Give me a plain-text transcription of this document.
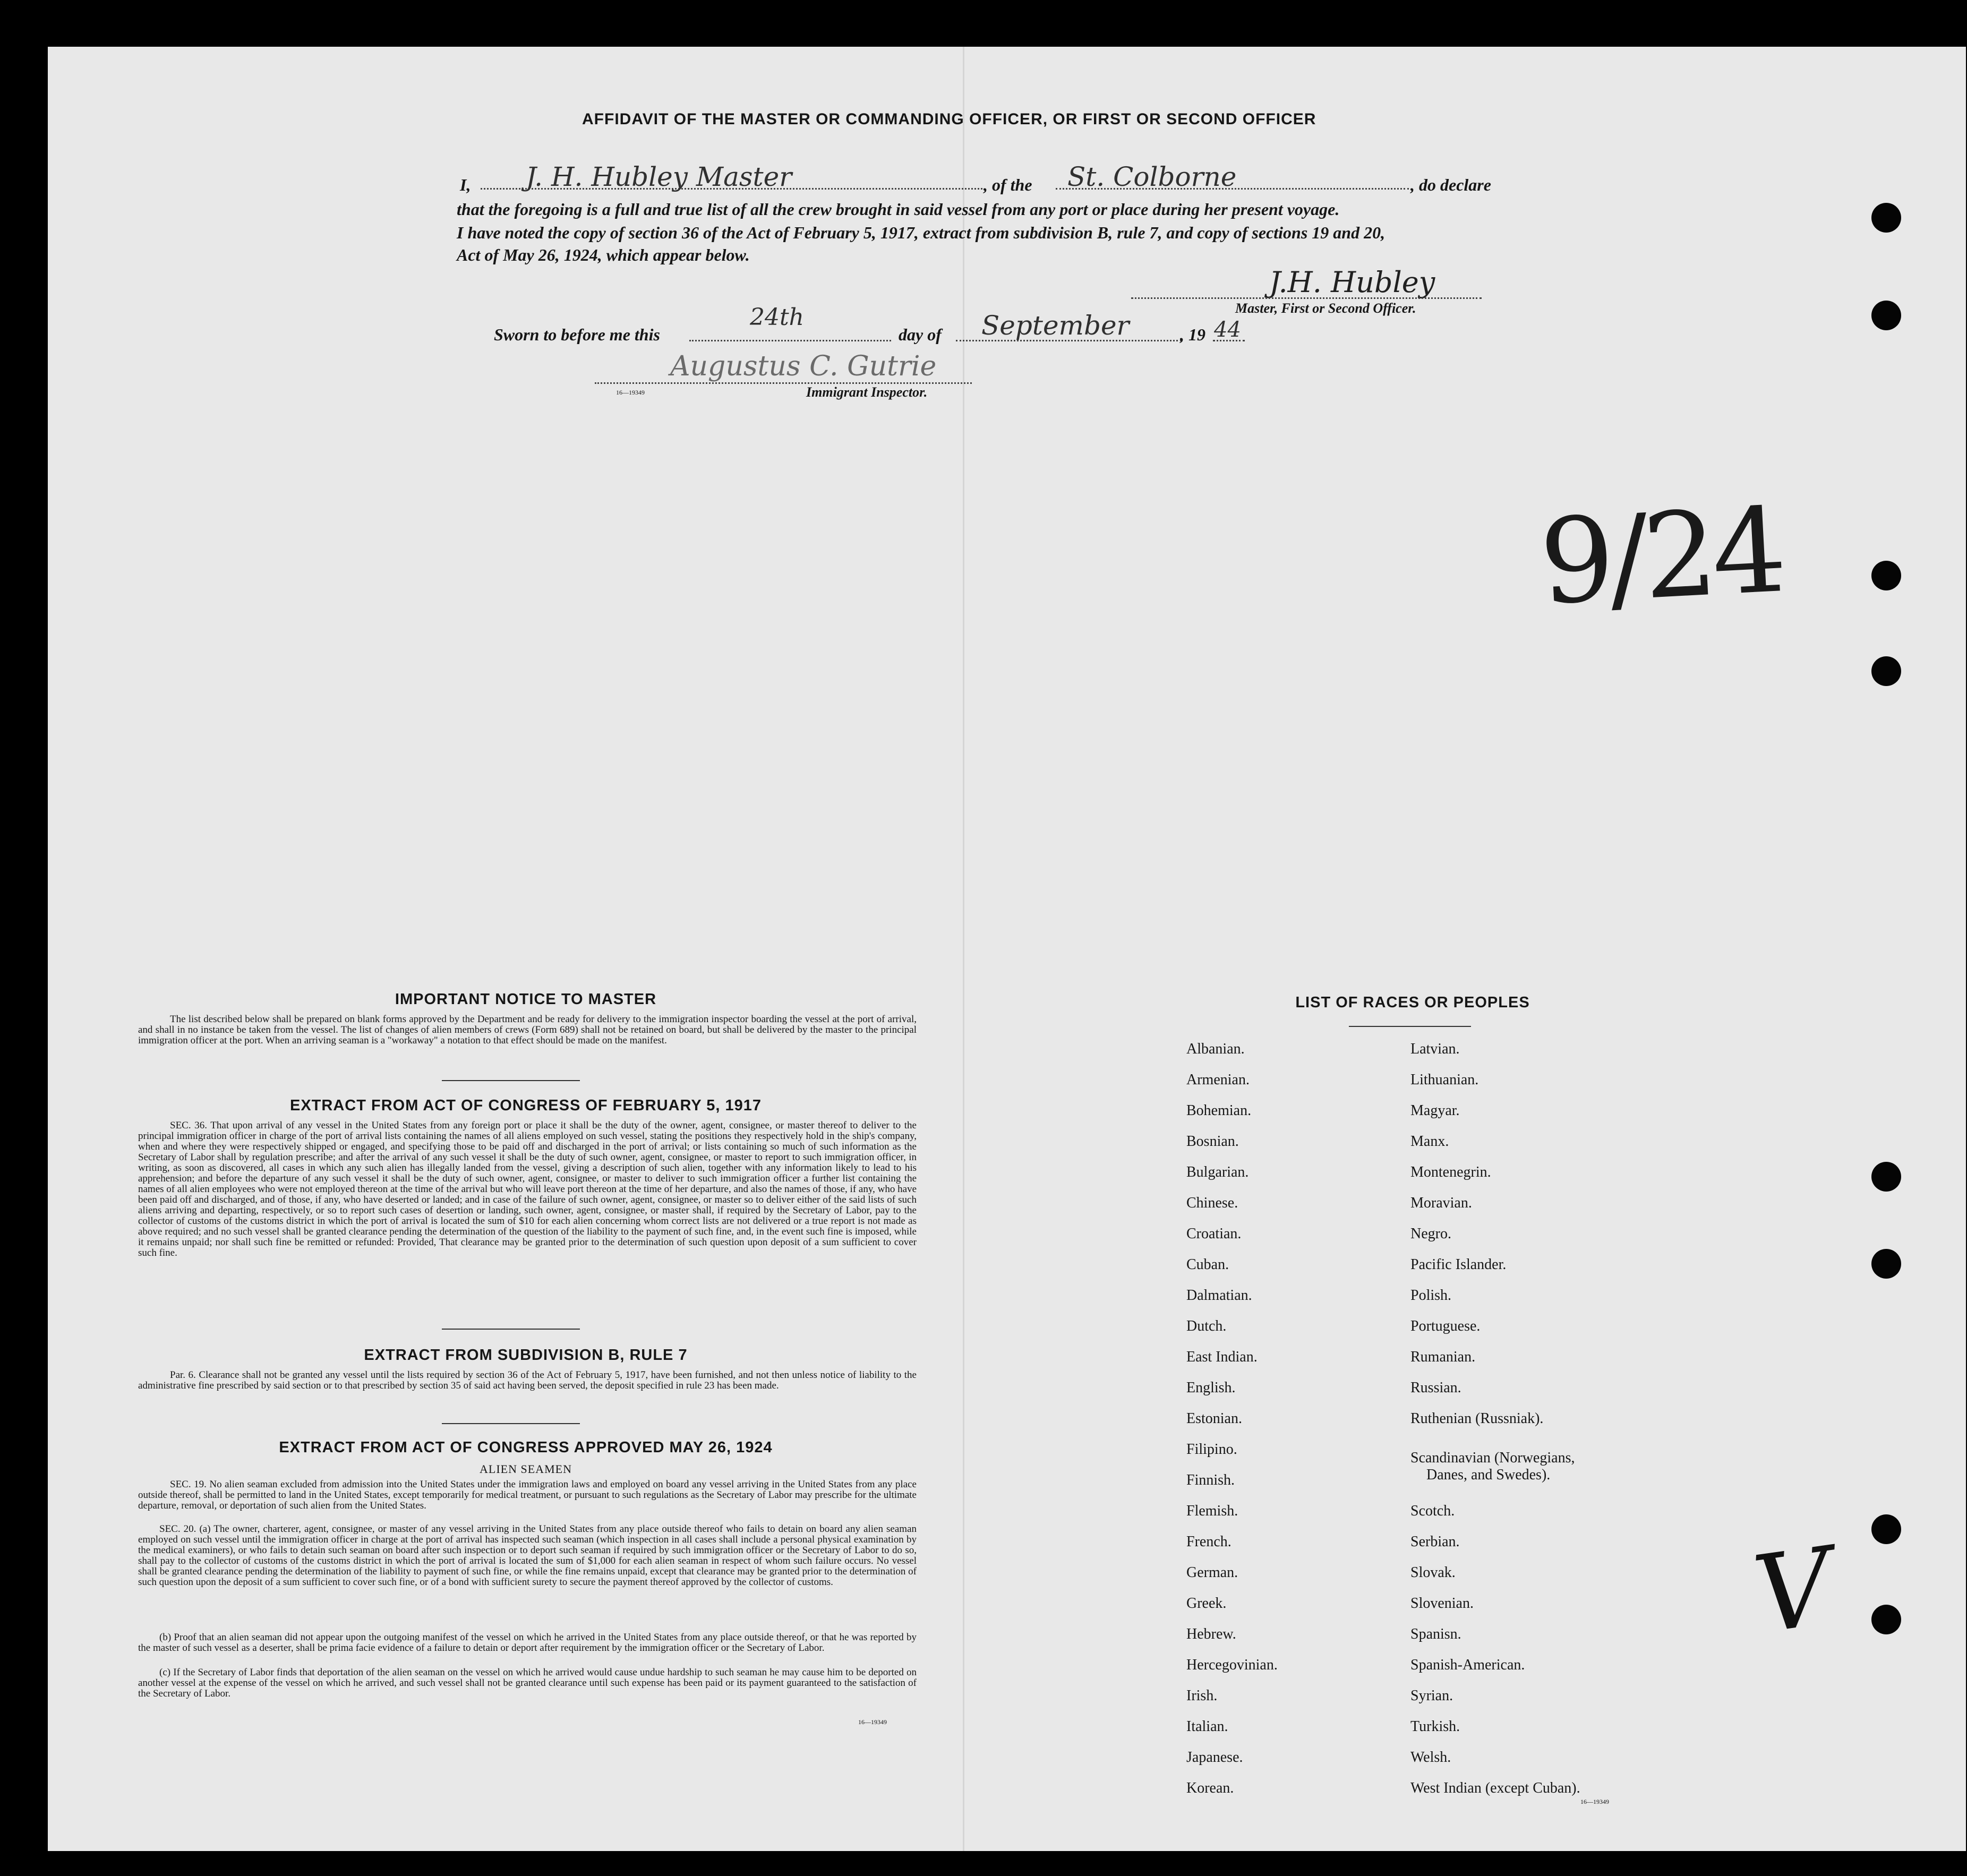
AFFIDAVIT OF THE MASTER OR COMMANDING OFFICER, OR FIRST OR SECOND OFFICER
I, J. H. Hubley Master	, of the St. Colborne	, do declare
that the foregoing is a full and true list of all the crew brought in said vessel from any port or place during her present voyage.
I have noted the copy of section 36 of the Act of February 5, 1917, extract from subdivision B, rule 7, and copy of sections 19 and 20,
Act of May 26, 1924, which appear below.
J.H. Hubley
Master, First or Second Officer.
Sworn to before me this
24th
day of September	, 19 44
Augustus C. Gutrie
16—19349	Immigrant Inspector.
9/24
V
IMPORTANT NOTICE TO MASTER
The list described below shall be prepared on blank forms approved by the Department and be ready for delivery to the immigration inspector boarding the vessel at the port of arrival, and shall in no instance be taken from the vessel. The list of changes of alien members of crews (Form 689) shall not be retained on board, but shall be delivered by the master to the principal immigration officer at the port. When an arriving seaman is a "workaway" a notation to that effect should be made on the manifest.
EXTRACT FROM ACT OF CONGRESS OF FEBRUARY 5, 1917
SEC. 36. That upon arrival of any vessel in the United States from any foreign port or place it shall be the duty of the owner, agent, consignee, or master thereof to deliver to the principal immigration officer in charge of the port of arrival lists containing the names of all aliens employed on such vessel, stating the positions they respectively hold in the ship's company, when and where they were respectively shipped or engaged, and specifying those to be paid off and discharged in the port of arrival; or lists containing so much of such information as the Secretary of Labor shall by regulation prescribe; and after the arrival of any such vessel it shall be the duty of such owner, agent, consignee, or master to report to such immigration officer, in writing, as soon as discovered, all cases in which any such alien has illegally landed from the vessel, giving a description of such alien, together with any information likely to lead to his apprehension; and before the departure of any such vessel it shall be the duty of such owner, agent, consignee, or master to deliver to such immigration officer a further list containing the names of all alien employees who were not employed thereon at the time of the arrival but who will leave port thereon at the time of her departure, and also the names of those, if any, who have been paid off and discharged, and of those, if any, who have deserted or landed; and in case of the failure of such owner, agent, consignee, or master so to deliver either of the said lists of such aliens arriving and departing, respectively, or so to report such cases of desertion or landing, such owner, agent, consignee, or master shall, if required by the Secretary of Labor, pay to the collector of customs of the customs district in which the port of arrival is located the sum of $10 for each alien concerning whom correct lists are not delivered or a true report is not made as above required; and no such vessel shall be granted clearance pending the determination of the question of the liability to the payment of such fine, and, in the event such fine is imposed, while it remains unpaid; nor shall such fine be remitted or refunded: Provided, That clearance may be granted prior to the determination of such question upon deposit of a sum sufficient to cover such fine.
EXTRACT FROM SUBDIVISION B, RULE 7
Par. 6. Clearance shall not be granted any vessel until the lists required by section 36 of the Act of February 5, 1917, have been furnished, and not then unless notice of liability to the administrative fine prescribed by said section or to that prescribed by section 35 of said act having been served, the deposit specified in rule 23 has been made.
EXTRACT FROM ACT OF CONGRESS APPROVED MAY 26, 1924
ALIEN SEAMEN
SEC. 19. No alien seaman excluded from admission into the United States under the immigration laws and employed on board any vessel arriving in the United States from any place outside thereof, shall be permitted to land in the United States, except temporarily for medical treatment, or pursuant to such regulations as the Secretary of Labor may prescribe for the ultimate departure, removal, or deportation of such alien from the United States.
SEC. 20. (a) The owner, charterer, agent, consignee, or master of any vessel arriving in the United States from any place outside thereof who fails to detain on board any alien seaman employed on such vessel until the immigration officer in charge at the port of arrival has inspected such seaman (which inspection in all cases shall include a personal physical examination by the medical examiners), or who fails to detain such seaman on board after such inspection or to deport such seaman if required by such immigration officer or the Secretary of Labor to do so, shall pay to the collector of customs of the customs district in which the port of arrival is located the sum of $1,000 for each alien seaman in respect of whom such failure occurs. No vessel shall be granted clearance pending the determination of the liability to payment of such fine, or while the fine remains unpaid, except that clearance may be granted prior to the determination of such question upon the deposit of a sum sufficient to cover such fine, or of a bond with sufficient surety to secure the payment thereof approved by the collector of customs.
(b) Proof that an alien seaman did not appear upon the outgoing manifest of the vessel on which he arrived in the United States from any place outside thereof, or that he was reported by the master of such vessel as a deserter, shall be prima facie evidence of a failure to detain or deport after requirement by the immigration officer or the Secretary of Labor.
(c) If the Secretary of Labor finds that deportation of the alien seaman on the vessel on which he arrived would cause undue hardship to such seaman he may cause him to be deported on another vessel at the expense of the vessel on which he arrived, and such vessel shall not be granted clearance until such expense has been paid or its payment guaranteed to the satisfaction of the Secretary of Labor.
16—19349
LIST OF RACES OR PEOPLES
Albanian.
Armenian.
Bohemian.
Bosnian.
Bulgarian.
Chinese.
Croatian.
Cuban.
Dalmatian.
Dutch.
East Indian.
English.
Estonian.
Filipino.
Finnish.
Flemish.
French.
German.
Greek.
Hebrew.
Hercegovinian.
Irish.
Italian.
Japanese.
Korean.
Latvian.
Lithuanian.
Magyar.
Manx.
Montenegrin.
Moravian.
Negro.
Pacific Islander.
Polish.
Portuguese.
Rumanian.
Russian.
Ruthenian (Russniak).
Scandinavian (Norwegians,
Danes, and Swedes).
Scotch.
Serbian.
Slovak.
Slovenian.
Spanisn.
Spanish-American.
Syrian.
Turkish.
Welsh.
West Indian (except Cuban).
16—19349
